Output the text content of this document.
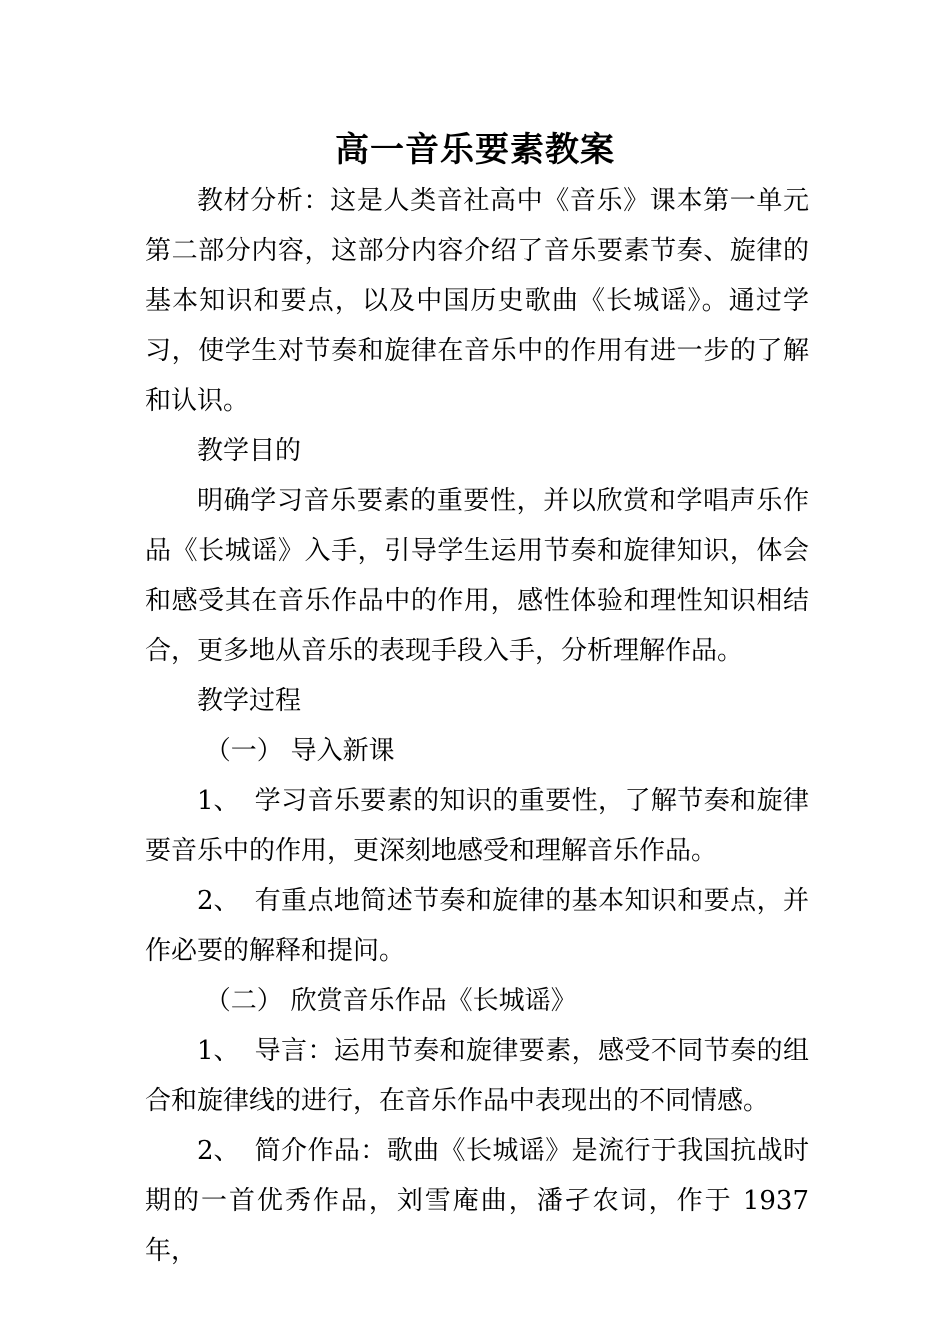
高一音乐要素教案

教材分析：这是人类音社高中《音乐》课本第一单元第二部分内容，这部分内容介绍了音乐要素节奏、旋律的基本知识和要点，以及中国历史歌曲《长城谣》。通过学习，使学生对节奏和旋律在音乐中的作用有进一步的了解和认识。

教学目的

明确学习音乐要素的重要性，并以欣赏和学唱声乐作品《长城谣》入手，引导学生运用节奏和旋律知识，体会和感受其在音乐作品中的作用，感性体验和理性知识相结合，更多地从音乐的表现手段入手，分析理解作品。

教学过程

（一） 导入新课

1、 学习音乐要素的知识的重要性，了解节奏和旋律要音乐中的作用，更深刻地感受和理解音乐作品。

2、 有重点地简述节奏和旋律的基本知识和要点，并作必要的解释和提问。

（二） 欣赏音乐作品《长城谣》

1、 导言：运用节奏和旋律要素，感受不同节奏的组合和旋律线的进行，在音乐作品中表现出的不同情感。

2、 简介作品：歌曲《长城谣》是流行于我国抗战时期的一首优秀作品，刘雪庵曲，潘孑农词，作于 1937 年，
